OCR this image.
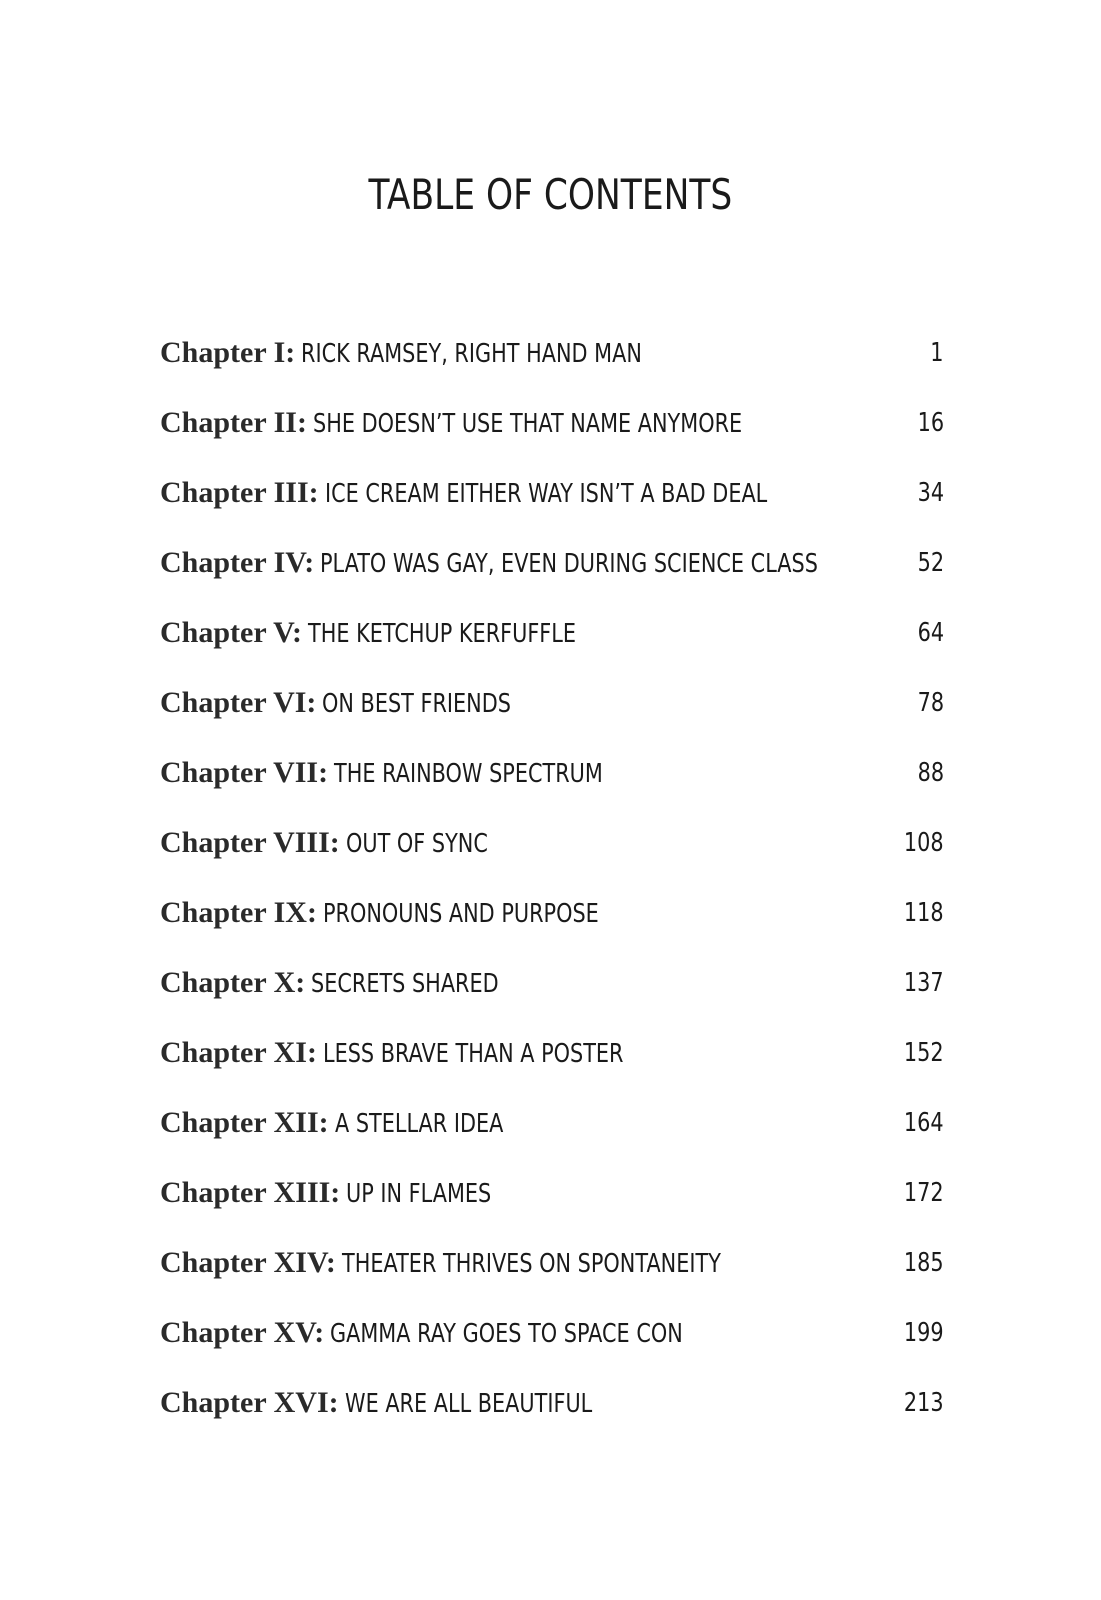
TABLE OF CONTENTS
Chapter I: RICK RAMSEY, RIGHT HAND MAN	1
Chapter II: SHE DOESN’T USE THAT NAME ANYMORE	16
Chapter III: ICE CREAM EITHER WAY ISN’T A BAD DEAL	34
Chapter IV: PLATO WAS GAY, EVEN DURING SCIENCE CLASS	52
Chapter V: THE KETCHUP KERFUFFLE	64
Chapter VI: ON BEST FRIENDS	78
Chapter VII: THE RAINBOW SPECTRUM	88
Chapter VIII: OUT OF SYNC	108
Chapter IX: PRONOUNS AND PURPOSE	118
Chapter X: SECRETS SHARED	137
Chapter XI: LESS BRAVE THAN A POSTER	152
Chapter XII: A STELLAR IDEA	164
Chapter XIII: UP IN FLAMES	172
Chapter XIV: THEATER THRIVES ON SPONTANEITY	185
Chapter XV: GAMMA RAY GOES TO SPACE CON	199
Chapter XVI: WE ARE ALL BEAUTIFUL	213
